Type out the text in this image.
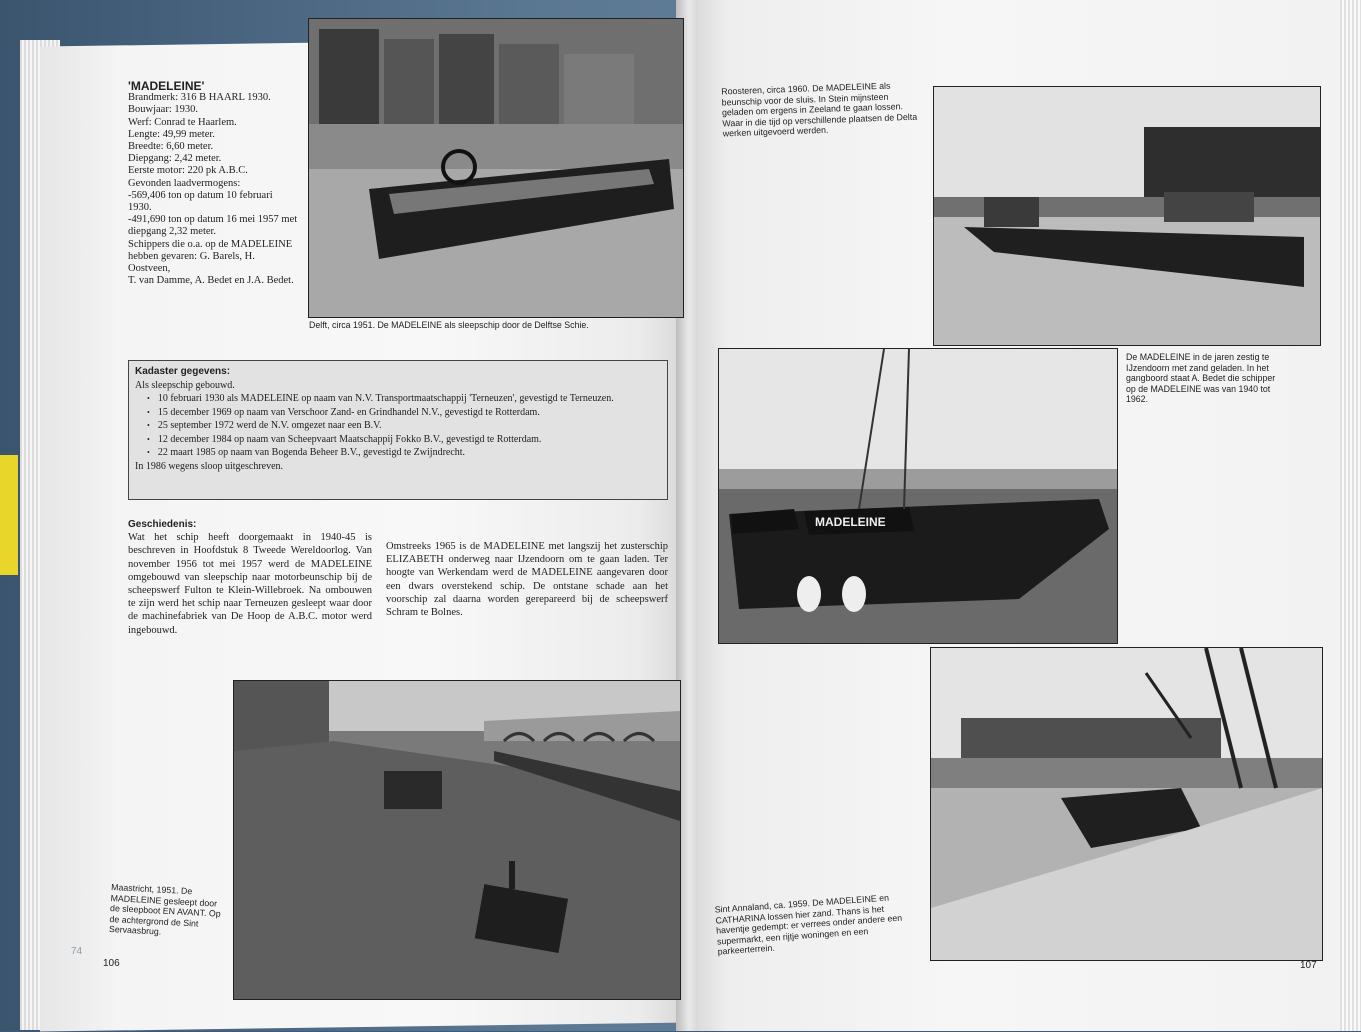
'MADELEINE'
Brandmerk: 316 B HAARL 1930.
Bouwjaar: 1930.
Werf: Conrad te Haarlem.
Lengte: 49,99 meter.
Breedte: 6,60 meter.
Diepgang: 2,42 meter.
Eerste motor: 220 pk A.B.C.
Gevonden laadvermogens:
-569,406 ton op datum 10 februari 1930.
-491,690 ton op datum 16 mei 1957 met
diepgang 2,32 meter.
Schippers die o.a. op de MADELEINE
hebben gevaren: G. Barels, H. Oostveen,
T. van Damme, A. Bedet en J.A. Bedet.
Delft, circa 1951. De MADELEINE als sleepschip door de Delftse Schie.
Kadaster gegevens:
Als sleepschip gebouwd.
• 10 februari 1930 als MADELEINE op naam van N.V. Transportmaatschappij 'Terneuzen', gevestigd te Terneuzen.
• 15 december 1969 op naam van Verschoor Zand- en Grindhandel N.V., gevestigd te Rotterdam.
• 25 september 1972 werd de N.V. omgezet naar een B.V.
• 12 december 1984 op naam van Scheepvaart Maatschappij Fokko B.V., gevestigd te Rotterdam.
• 22 maart 1985 op naam van Bogenda Beheer B.V., gevestigd te Zwijndrecht.
In 1986 wegens sloop uitgeschreven.
Geschiedenis:
Wat het schip heeft doorgemaakt in 1940-45 is beschreven in Hoofdstuk 8 Tweede Wereldoorlog. Van november 1956 tot mei 1957 werd de MADELEINE omgebouwd van sleepschip naar motorbeunschip bij de scheepswerf Fulton te Klein-Willebroek. Na ombouwen te zijn werd het schip naar Terneuzen gesleept waar door de machinefabriek van De Hoop de A.B.C. motor werd ingebouwd.
Omstreeks 1965 is de MADELEINE met langszij het zusterschip ELIZABETH onderweg naar IJzendoorn om te gaan laden. Ter hoogte van Werkendam werd de MADELEINE aangevaren door een dwars overstekend schip. De ontstane schade aan het voorschip zal daarna worden gerepareerd bij de scheepswerf Schram te Bolnes.
Maastricht, 1951. De MADELEINE gesleept door de sleepboot EN AVANT. Op de achtergrond de Sint Servaasbrug.
106
74
Roosteren, circa 1960. De MADELEINE als beunschip voor de sluis. In Stein mijnsteen geladen om ergens in Zeeland te gaan lossen. Waar in die tijd op verschillende plaatsen de Delta werken uitgevoerd werden.
MADELEINE
De MADELEINE in de jaren zestig te IJzendoorn met zand geladen. In het gangboord staat A. Bedet die schipper op de MADELEINE was van 1940 tot 1962.
Sint Annaland, ca. 1959. De MADELEINE en CATHARINA lossen hier zand. Thans is het haventje gedempt: er verrees onder andere een supermarkt, een rijtje woningen en een parkeerterrein.
107
